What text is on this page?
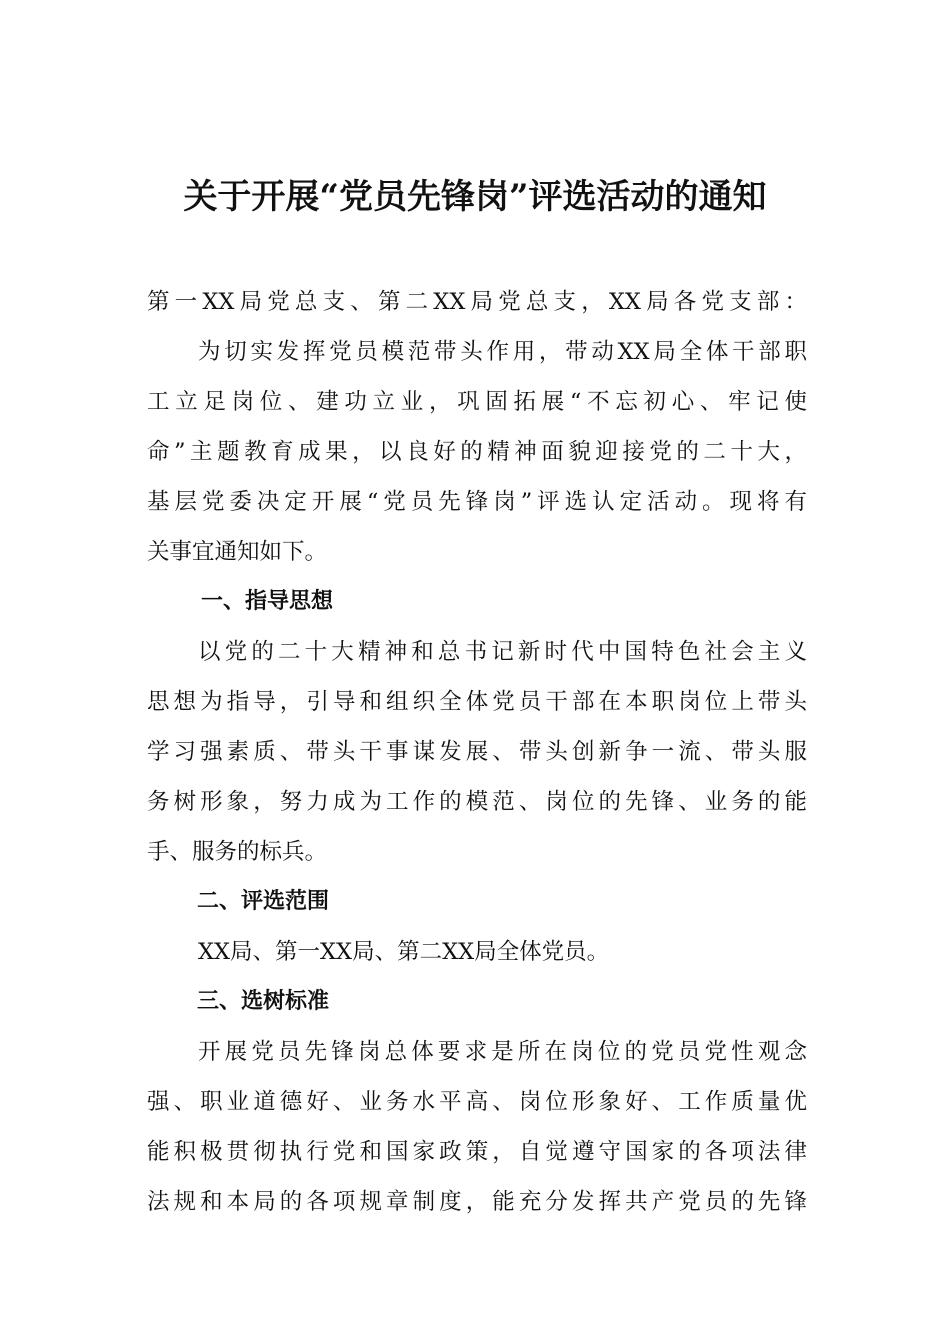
关于开展“党员先锋岗”评选活动的通知
第一XX局党总支、第二XX局党总支，XX局各党支部：
为切实发挥党员模范带头作用，带动XX局全体干部职
工立足岗位、建功立业，巩固拓展“不忘初心、牢记使
命”主题教育成果，以良好的精神面貌迎接党的二十大，
基层党委决定开展“党员先锋岗”评选认定活动。现将有
关事宜通知如下。
一、指导思想
以党的二十大精神和总书记新时代中国特色社会主义
思想为指导，引导和组织全体党员干部在本职岗位上带头
学习强素质、带头干事谋发展、带头创新争一流、带头服
务树形象，努力成为工作的模范、岗位的先锋、业务的能
手、服务的标兵。
二、评选范围
XX局、第一XX局、第二XX局全体党员。
三、选树标准
开展党员先锋岗总体要求是所在岗位的党员党性观念
强、职业道德好、业务水平高、岗位形象好、工作质量优
能积极贯彻执行党和国家政策，自觉遵守国家的各项法律
法规和本局的各项规章制度，能充分发挥共产党员的先锋
